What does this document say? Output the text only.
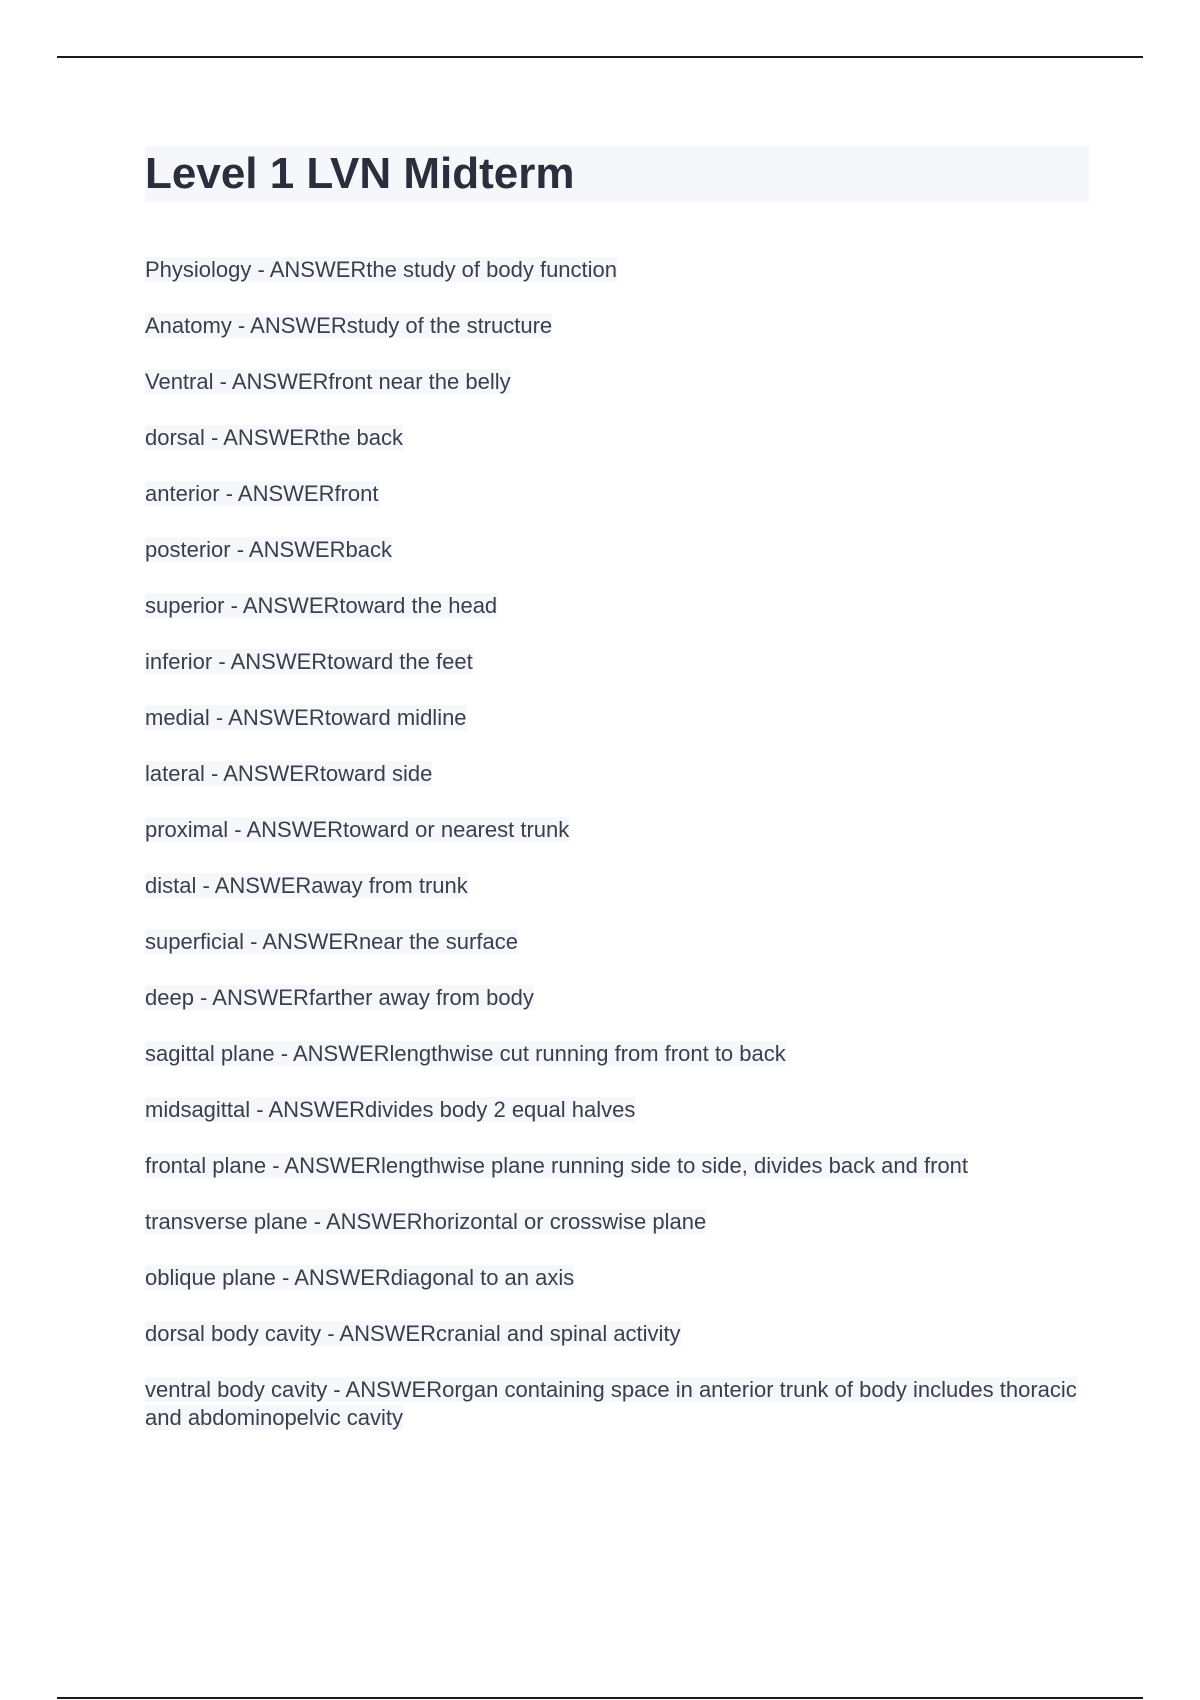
Level 1 LVN Midterm
Physiology - ANSWERthe study of body function
Anatomy - ANSWERstudy of the structure
Ventral - ANSWERfront near the belly
dorsal - ANSWERthe back
anterior - ANSWERfront
posterior - ANSWERback
superior - ANSWERtoward the head
inferior - ANSWERtoward the feet
medial - ANSWERtoward midline
lateral - ANSWERtoward side
proximal - ANSWERtoward or nearest trunk
distal - ANSWERaway from trunk
superficial - ANSWERnear the surface
deep - ANSWERfarther away from body
sagittal plane - ANSWERlengthwise cut running from front to back
midsagittal - ANSWERdivides body 2 equal halves
frontal plane - ANSWERlengthwise plane running side to side, divides back and front
transverse plane - ANSWERhorizontal or crosswise plane
oblique plane - ANSWERdiagonal to an axis
dorsal body cavity - ANSWERcranial and spinal activity
ventral body cavity - ANSWERorgan containing space in anterior trunk of body includes thoracic and abdominopelvic cavity
